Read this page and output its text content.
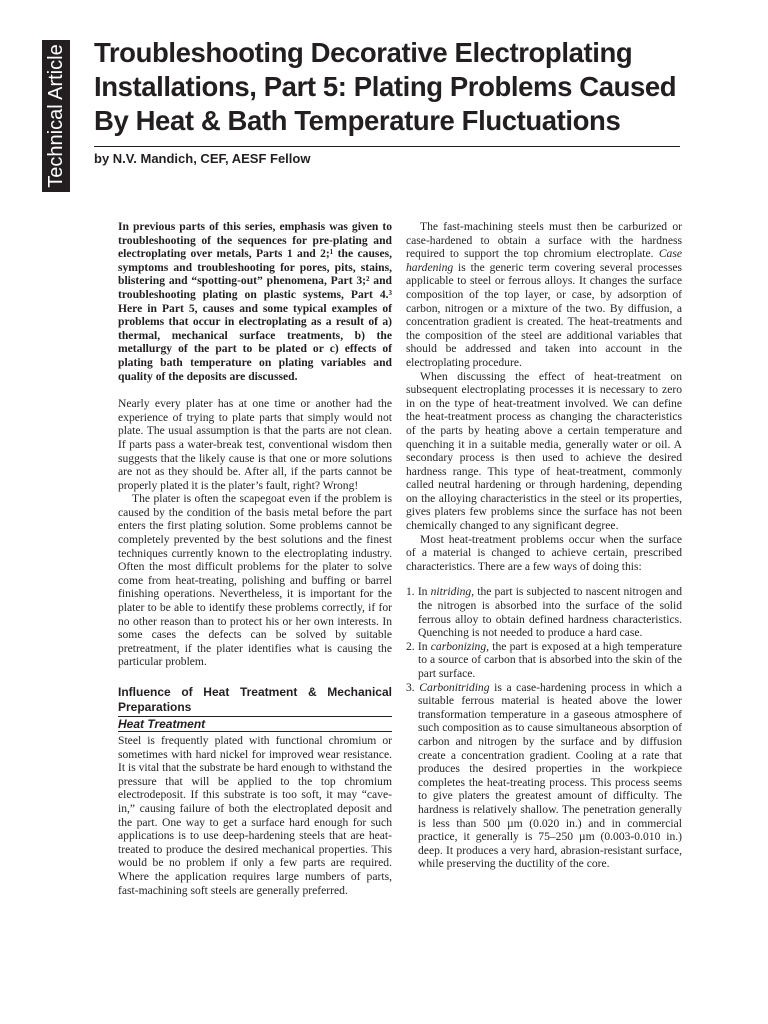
Technical Article Troubleshooting Decorative Electroplating Installations, Part 5: Plating Problems Caused By Heat & Bath Temperature Fluctuations
by N.V. Mandich, CEF, AESF Fellow

In previous parts of this series, emphasis was given to troubleshooting of the sequences for pre-plating and electroplating over metals, Parts 1 and 2;¹ the causes, symptoms and troubleshooting for pores, pits, stains, blistering and “spotting-out” phenomena, Part 3;² and troubleshooting plating on plastic systems, Part 4.³ Here in Part 5, causes and some typical examples of problems that occur in electroplating as a result of a) thermal, mechanical surface treatments, b) the metallurgy of the part to be plated or c) effects of plating bath temperature on plating variables and quality of the deposits are discussed.

Nearly every plater has at one time or another had the experience of trying to plate parts that simply would not plate. The usual assumption is that the parts are not clean. If parts pass a water-break test, conventional wisdom then suggests that the likely cause is that one or more solutions are not as they should be. After all, if the parts cannot be properly plated it is the plater’s fault, right? Wrong!

The plater is often the scapegoat even if the problem is caused by the condition of the basis metal before the part enters the first plating solution. Some problems cannot be completely prevented by the best solutions and the finest techniques currently known to the electroplating industry. Often the most difficult problems for the plater to solve come from heat-treating, polishing and buffing or barrel finishing operations. Nevertheless, it is important for the plater to be able to identify these problems correctly, if for no other reason than to protect his or her own interests. In some cases the defects can be solved by suitable pretreatment, if the plater identifies what is causing the particular problem.

Influence of Heat Treatment & Mechanical Preparations
Heat Treatment

Steel is frequently plated with functional chromium or sometimes with hard nickel for improved wear resistance. It is vital that the substrate be hard enough to withstand the pressure that will be applied to the top chromium electrodeposit. If this substrate is too soft, it may “cave-in,” causing failure of both the electroplated deposit and the part. One way to get a surface hard enough for such applications is to use deep-hardening steels that are heat-treated to produce the desired mechanical properties. This would be no problem if only a few parts are required. Where the application requires large numbers of parts, fast-machining soft steels are generally preferred.

The fast-machining steels must then be carburized or case-hardened to obtain a surface with the hardness required to support the top chromium electroplate. Case hardening is the generic term covering several processes applicable to steel or ferrous alloys. It changes the surface composition of the top layer, or case, by adsorption of carbon, nitrogen or a mixture of the two. By diffusion, a concentration gradient is created. The heat-treatments and the composition of the steel are additional variables that should be addressed and taken into account in the electroplating procedure.

When discussing the effect of heat-treatment on subsequent electroplating processes it is necessary to zero in on the type of heat-treatment involved. We can define the heat-treatment process as changing the characteristics of the parts by heating above a certain temperature and quenching it in a suitable media, generally water or oil. A secondary process is then used to achieve the desired hardness range. This type of heat-treatment, commonly called neutral hardening or through hardening, depending on the alloying characteristics in the steel or its properties, gives platers few problems since the surface has not been chemically changed to any significant degree.

Most heat-treatment problems occur when the surface of a material is changed to achieve certain, prescribed characteristics. There are a few ways of doing this:

1. In nitriding, the part is subjected to nascent nitrogen and the nitrogen is absorbed into the surface of the solid ferrous alloy to obtain defined hardness characteristics. Quenching is not needed to produce a hard case.
2. In carbonizing, the part is exposed at a high temperature to a source of carbon that is absorbed into the skin of the part surface.
3. Carbonitriding is a case-hardening process in which a suitable ferrous material is heated above the lower transformation temperature in a gaseous atmosphere of such composition as to cause simultaneous absorption of carbon and nitrogen by the surface and by diffusion create a concentration gradient. Cooling at a rate that produces the desired properties in the workpiece completes the heat-treating process. This process seems to give platers the greatest amount of difficulty. The hardness is relatively shallow. The penetration generally is less than 500 µm (0.020 in.) and in commercial practice, it generally is 75–250 µm (0.003-0.010 in.) deep. It produces a very hard, abrasion-resistant surface, while preserving the ductility of the core.
